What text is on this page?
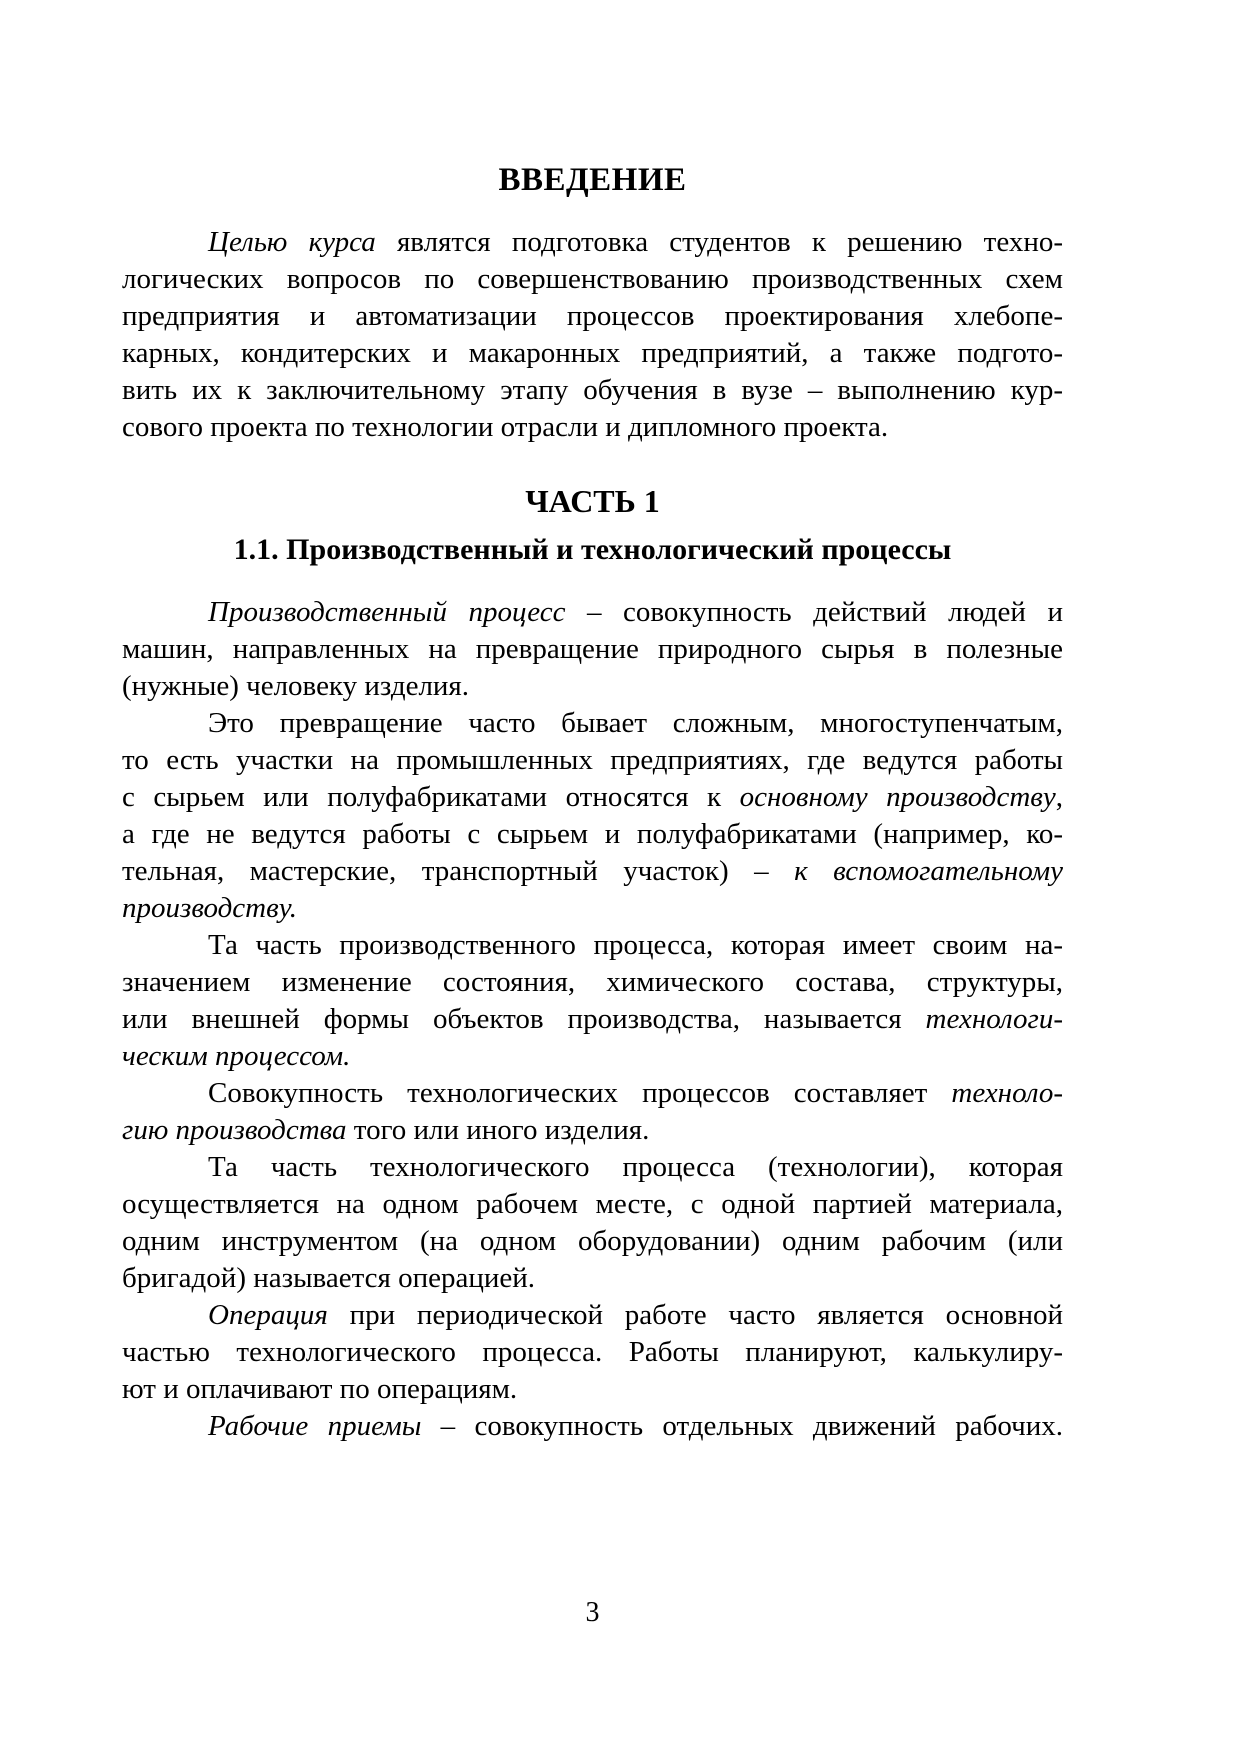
ВВЕДЕНИЕ
Целью курса являтся подготовка студентов к решению техно-
логических вопросов по совершенствованию производственных схем
предприятия и автоматизации процессов проектирования хлебопе-
карных, кондитерских и макаронных предприятий, а также подгото-
вить их к заключительному этапу обучения в вузе – выполнению кур-
сового проекта по технологии отрасли и дипломного проекта.
ЧАСТЬ 1
1.1. Производственный и технологический процессы
Производственный процесс – совокупность действий людей и
машин, направленных на превращение природного сырья в полезные
(нужные) человеку изделия.
Это превращение часто бывает сложным, многоступенчатым,
то есть участки на промышленных предприятиях, где ведутся работы
с сырьем или полуфабрикатами относятся к основному производству,
а где не ведутся работы с сырьем и полуфабрикатами (например, ко-
тельная, мастерские, транспортный участок) – к вспомогательному
производству.
Та часть производственного процесса, которая имеет своим на-
значением изменение состояния, химического состава, структуры,
или внешней формы объектов производства, называется технологи-
ческим процессом.
Совокупность технологических процессов составляет техноло-
гию производства того или иного изделия.
Та часть технологического процесса (технологии), которая
осуществляется на одном рабочем месте, с одной партией материала,
одним инструментом (на одном оборудовании) одним рабочим (или
бригадой) называется операцией.
Операция при периодической работе часто является основной
частью технологического процесса. Работы планируют, калькулиру-
ют и оплачивают по операциям.
Рабочие приемы – совокупность отдельных движений рабочих.
3
